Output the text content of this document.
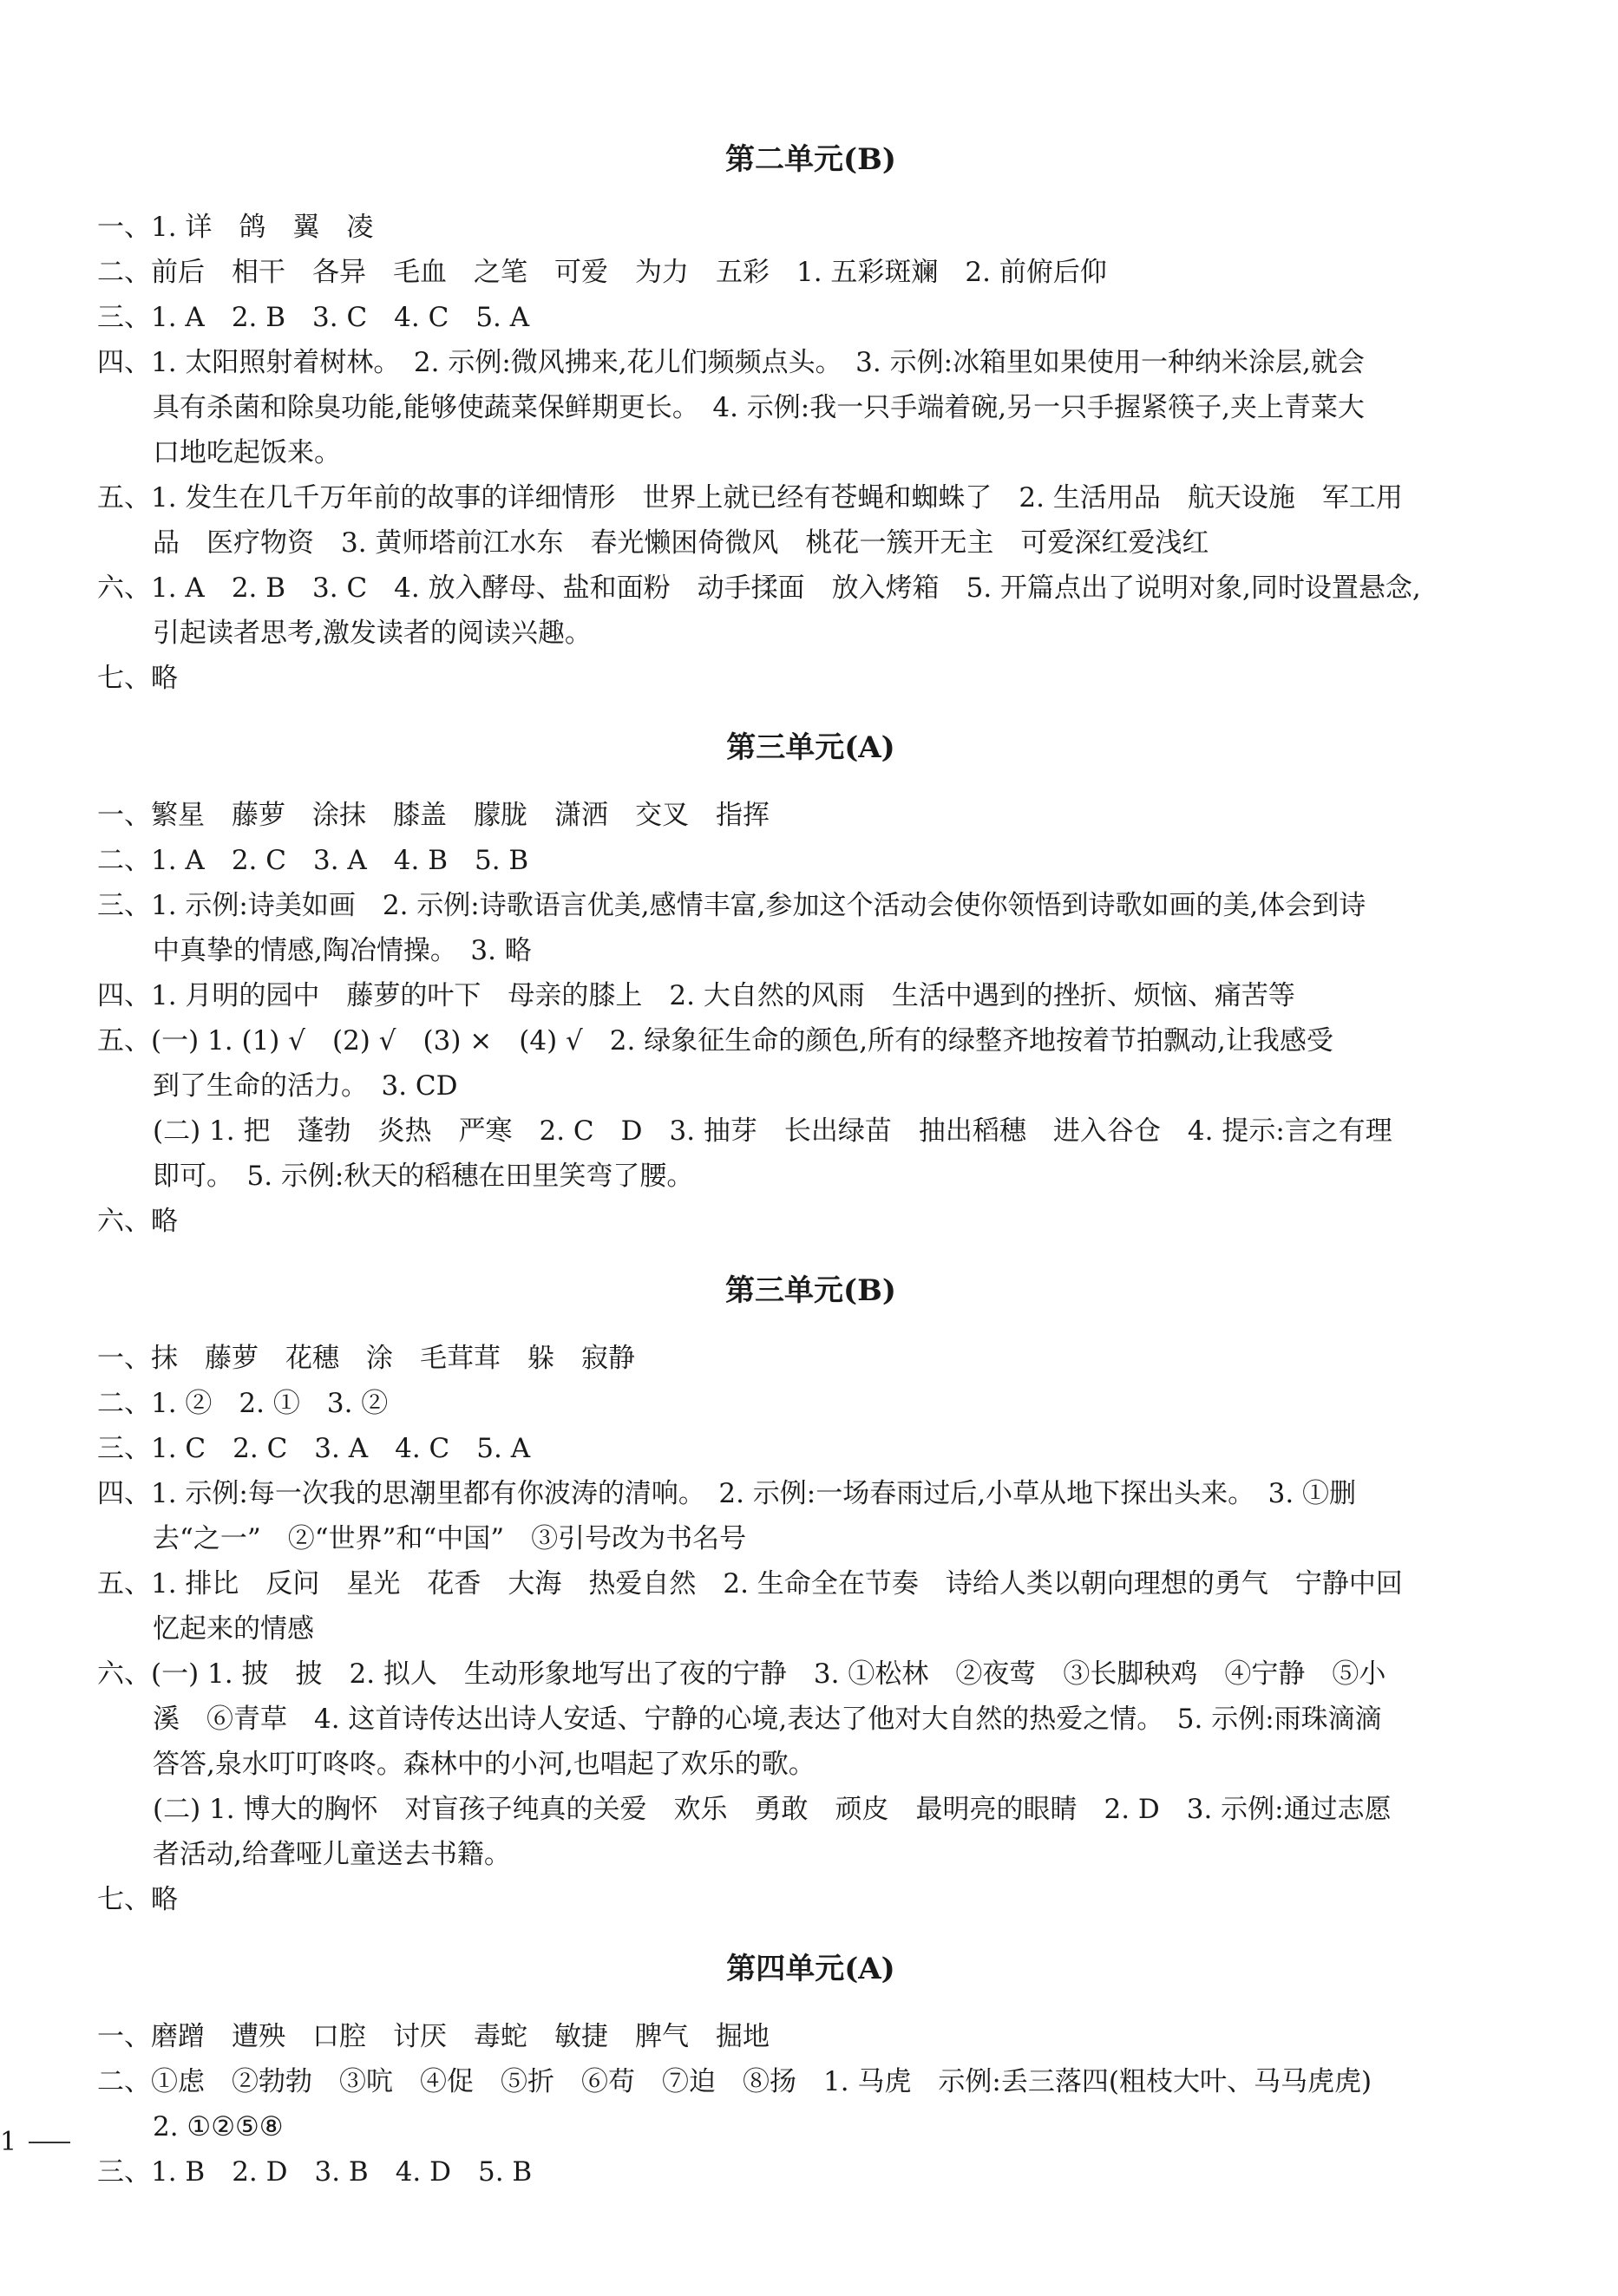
第二单元(B)
一、1. 详　鸽　翼　凌
二、前后　相干　各异　毛血　之笔　可爱　为力　五彩　1. 五彩斑斓　2. 前俯后仰
三、1. A　2. B　3. C　4. C　5. A
四、1. 太阳照射着树林。　2. 示例:微风拂来,花儿们频频点头。　3. 示例:冰箱里如果使用一种纳米涂层,就会
具有杀菌和除臭功能,能够使蔬菜保鲜期更长。　4. 示例:我一只手端着碗,另一只手握紧筷子,夹上青菜大
口地吃起饭来。
五、1. 发生在几千万年前的故事的详细情形　世界上就已经有苍蝇和蜘蛛了　2. 生活用品　航天设施　军工用
品　医疗物资　3. 黄师塔前江水东　春光懒困倚微风　桃花一簇开无主　可爱深红爱浅红
六、1. A　2. B　3. C　4. 放入酵母、盐和面粉　动手揉面　放入烤箱　5. 开篇点出了说明对象,同时设置悬念,
引起读者思考,激发读者的阅读兴趣。
七、略
第三单元(A)
一、繁星　藤萝　涂抹　膝盖　朦胧　潇洒　交叉　指挥
二、1. A　2. C　3. A　4. B　5. B
三、1. 示例:诗美如画　2. 示例:诗歌语言优美,感情丰富,参加这个活动会使你领悟到诗歌如画的美,体会到诗
中真挚的情感,陶冶情操。　3. 略
四、1. 月明的园中　藤萝的叶下　母亲的膝上　2. 大自然的风雨　生活中遇到的挫折、烦恼、痛苦等
五、(一) 1. (1) √　(2) √　(3) ×　(4) √　2. 绿象征生命的颜色,所有的绿整齐地按着节拍飘动,让我感受
到了生命的活力。　3. CD
(二) 1. 把　蓬勃　炎热　严寒　2. C　D　3. 抽芽　长出绿苗　抽出稻穗　进入谷仓　4. 提示:言之有理
即可。　5. 示例:秋天的稻穗在田里笑弯了腰。
六、略
第三单元(B)
一、抹　藤萝　花穗　涂　毛茸茸　躲　寂静
二、1. ②　2. ①　3. ②
三、1. C　2. C　3. A　4. C　5. A
四、1. 示例:每一次我的思潮里都有你波涛的清响。　2. 示例:一场春雨过后,小草从地下探出头来。　3. ①删
去“之一”　②“世界”和“中国”　③引号改为书名号
五、1. 排比　反问　星光　花香　大海　热爱自然　2. 生命全在节奏　诗给人类以朝向理想的勇气　宁静中回
忆起来的情感
六、(一) 1. 披　披　2. 拟人　生动形象地写出了夜的宁静　3. ①松林　②夜莺　③长脚秧鸡　④宁静　⑤小
溪　⑥青草　4. 这首诗传达出诗人安适、宁静的心境,表达了他对大自然的热爱之情。　5. 示例:雨珠滴滴
答答,泉水叮叮咚咚。森林中的小河,也唱起了欢乐的歌。
(二) 1. 博大的胸怀　对盲孩子纯真的关爱　欢乐　勇敢　顽皮　最明亮的眼睛　2. D　3. 示例:通过志愿
者活动,给聋哑儿童送去书籍。
七、略
第四单元(A)
一、磨蹭　遭殃　口腔　讨厌　毒蛇　敏捷　脾气　掘地
二、①虑　②勃勃　③吭　④促　⑤折　⑥苟　⑦迫　⑧扬　1. 马虎　示例:丢三落四(粗枝大叶、马马虎虎)
2. ①②⑤⑧
三、1. B　2. D　3. B　4. D　5. B
1
